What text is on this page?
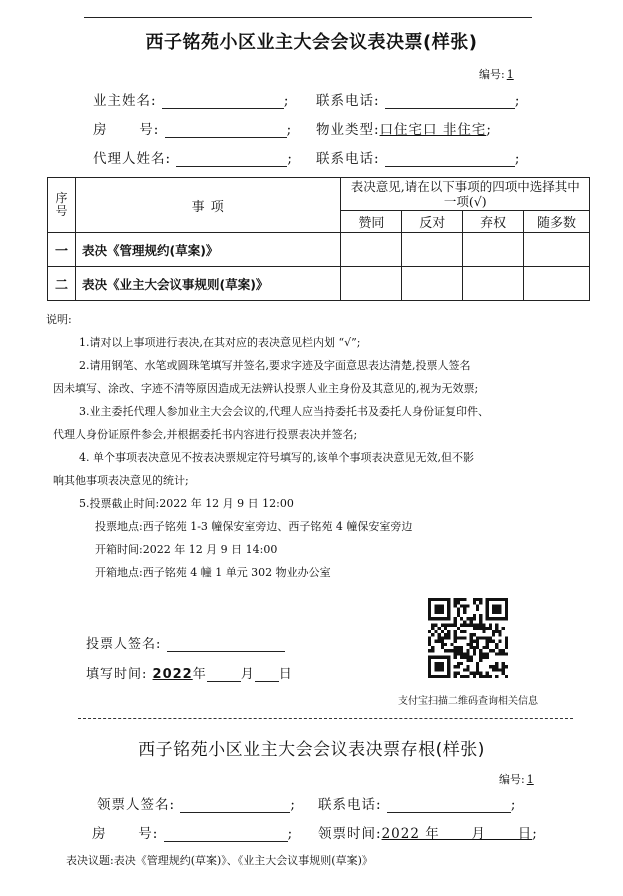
西子铭苑小区业主大会会议表决票(样张)
编号: 1
业主姓名:	; 联系电话:	;
房      号:	; 物业类型:口住宅口 非住宅;
代理人姓名:	; 联系电话:	;
序号	事 项	表决意见,请在以下事项的四项中选择其中一项(√)			
		赞同	反对	弃权	随多数
一	表决《管理规约(草案)》				
二	表决《业主大会议事规则(草案)》				
说明:
1.请对以上事项进行表决,在其对应的表决意见栏内划 “√”;
2.请用钢笔、水笔或圆珠笔填写并签名,要求字迹及字面意思表达清楚,投票人签名
因未填写、涂改、字迹不清等原因造成无法辨认投票人业主身份及其意见的,视为无效票;
3.业主委托代理人参加业主大会会议的,代理人应当持委托书及委托人身份证复印件、
代理人身份证原件参会,并根据委托书内容进行投票表决并签名;
4. 单个事项表决意见不按表决票规定符号填写的,该单个事项表决意见无效,但不影
响其他事项表决意见的统计;
5.投票截止时间:2022 年 12 月 9 日 12:00
投票地点:西子铭苑 1-3 幢保安室旁边、西子铭苑 4 幢保安室旁边
开箱时间:2022 年 12 月 9 日 14:00
开箱地点:西子铭苑 4 幢 1 单元 302 物业办公室
投票人签名:
填写时间: 2022年	月 日
支付宝扫描二维码查询相关信息
西子铭苑小区业主大会会议表决票存根(样张)
编号: 1
领票人签名:	; 联系电话:	;
房      号:	; 领票时间:2022 年      月      日;
表决议题:表决《管理规约(草案)》、《业主大会议事规则(草案)》
